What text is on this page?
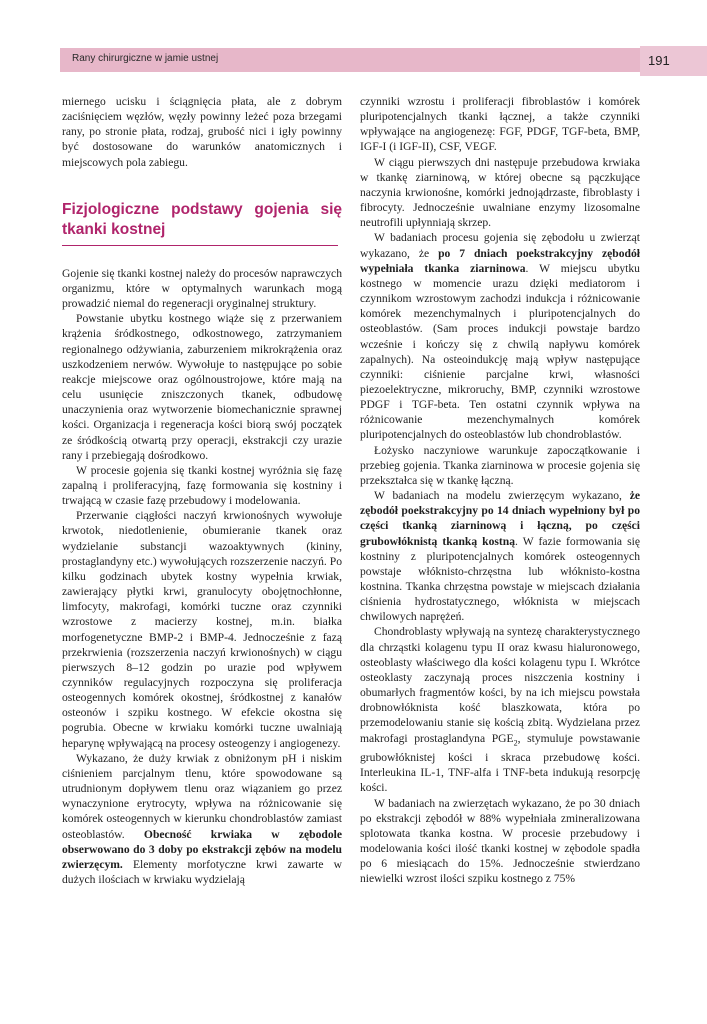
Rany chirurgiczne w jamie ustnej	191

miernego ucisku i ściągnięcia płata, ale z dobrym zaciśnięciem węzłów, węzły powinny leżeć poza brzegami rany, po stronie płata, rodzaj, grubość nici i igły powinny być dostosowane do warunków anatomicznych i miejscowych pola zabiegu.

Fizjologiczne podstawy gojenia się tkanki kostnej

Gojenie się tkanki kostnej należy do procesów naprawczych organizmu, które w optymalnych warunkach mogą prowadzić niemal do regeneracji oryginalnej struktury.

Powstanie ubytku kostnego wiąże się z przerwaniem krążenia śródkostnego, odkostnowego, zatrzymaniem regionalnego odżywiania, zaburzeniem mikrokrążenia oraz uszkodzeniem nerwów. Wywołuje to następujące po sobie reakcje miejscowe oraz ogólnoustrojowe, które mają na celu usunięcie zniszczonych tkanek, odbudowę unaczynienia oraz wytworzenie biomechanicznie sprawnej kości. Organizacja i regeneracja kości biorą swój początek ze śródkością otwartą przy operacji, ekstrakcji czy urazie rany i przebiegają dośrodkowo.

W procesie gojenia się tkanki kostnej wyróżnia się fazę zapalną i proliferacyjną, fazę formowania się kostniny i trwającą w czasie fazę przebudowy i modelowania.

Przerwanie ciągłości naczyń krwionośnych wywołuje krwotok, niedotlenienie, obumieranie tkanek oraz wydzielanie substancji wazoaktywnych (kininy, prostaglandyny etc.) wywołujących rozszerzenie naczyń. Po kilku godzinach ubytek kostny wypełnia krwiak, zawierający płytki krwi, granulocyty obojętnochłonne, limfocyty, makrofagi, komórki tuczne oraz czynniki wzrostowe z macierzy kostnej, m.in. białka morfogenetyczne BMP-2 i BMP-4. Jednocześnie z fazą przekrwienia (rozszerzenia naczyń krwionośnych) w ciągu pierwszych 8–12 godzin po urazie pod wpływem czynników regulacyjnych rozpoczyna się proliferacja osteogennych komórek okostnej, śródkostnej z kanałów osteonów i szpiku kostnego. W efekcie okostna się pogrubia. Obecne w krwiaku komórki tuczne uwalniają heparynę wpływającą na procesy osteogenzy i angiogenezy.

Wykazano, że duży krwiak z obniżonym pH i niskim ciśnieniem parcjalnym tlenu, które spowodowane są utrudnionym dopływem tlenu oraz wiązaniem go przez wynaczynione erytrocyty, wpływa na różnicowanie się komórek osteogennych w kierunku chondroblastów zamiast osteoblastów. Obecność krwiaka w zębodole obserwowano do 3 doby po ekstrakcji zębów na modelu zwierzęcym. Elementy morfotyczne krwi zawarte w dużych ilościach w krwiaku wydzielają

czynniki wzrostu i proliferacji fibroblastów i komórek pluripotencjalnych tkanki łącznej, a także czynniki wpływające na angiogenezę: FGF, PDGF, TGF-beta, BMP, IGF-I (i IGF-II), CSF, VEGF.

W ciągu pierwszych dni następuje przebudowa krwiaka w tkankę ziarninową, w której obecne są pączkujące naczynia krwionośne, komórki jednojądrzaste, fibroblasty i fibrocyty. Jednocześnie uwalniane enzymy lizosomalne neutrofili upłynniają skrzep.

W badaniach procesu gojenia się zębodołu u zwierząt wykazano, że po 7 dniach poekstrakcyjny zębodół wypełniała tkanka ziarninowa. W miejscu ubytku kostnego w momencie urazu dzięki mediatorom i czynnikom wzrostowym zachodzi indukcja i różnicowanie komórek mezenchymalnych i pluripotencjalnych do osteoblastów. (Sam proces indukcji powstaje bardzo wcześnie i kończy się z chwilą napływu komórek zapalnych). Na osteoindukcję mają wpływ następujące czynniki: ciśnienie parcjalne krwi, własności piezoelektryczne, mikroruchy, BMP, czynniki wzrostowe PDGF i TGF-beta. Ten ostatni czynnik wpływa na różnicowanie mezenchymalnych komórek pluripotencjalnych do osteoblastów lub chondroblastów.

Łożysko naczyniowe warunkuje zapoczątkowanie i przebieg gojenia. Tkanka ziarninowa w procesie gojenia się przekształca się w tkankę łączną.

W badaniach na modelu zwierzęcym wykazano, że zębodół poekstrakcyjny po 14 dniach wypełniony był po części tkanką ziarninową i łączną, po części grubowłóknistą tkanką kostną. W fazie formowania się kostniny z pluripotencjalnych komórek osteogennych powstaje włóknisto-chrzęstna lub włóknisto-kostna kostnina. Tkanka chrzęstna powstaje w miejscach działania ciśnienia hydrostatycznego, włóknista w miejscach chwilowych naprężeń.

Chondroblasty wpływają na syntezę charakterystycznego dla chrząstki kolagenu typu II oraz kwasu hialuronowego, osteoblasty właściwego dla kości kolagenu typu I. Wkrótce osteoklasty zaczynają proces niszczenia kostniny i obumarłych fragmentów kości, by na ich miejscu powstała drobnowłóknista kość blaszkowata, która po przemodelowaniu stanie się kością zbitą. Wydzielana przez makrofagi prostaglandyna $PGE_2$, stymuluje powstawanie grubowłóknistej kości i skraca przebudowę kości. Interleukina IL-1, TNF-alfa i TNF-beta indukują resorpcję kości.

W badaniach na zwierzętach wykazano, że po 30 dniach po ekstrakcji zębodół w 88% wypełniała zmineralizowana splotowata tkanka kostna. W procesie przebudowy i modelowania kości ilość tkanki kostnej w zębodole spadła po 6 miesiącach do 15%. Jednocześnie stwierdzano niewielki wzrost ilości szpiku kostnego z 75%
